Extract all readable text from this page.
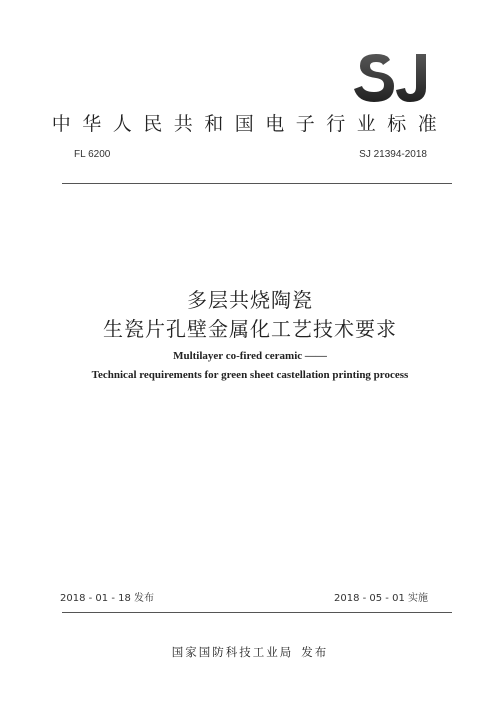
中华人民共和国电子行业标准
FL 6200	SJ 21394-2018
多层共烧陶瓷
生瓷片孔壁金属化工艺技术要求
Multilayer co-fired ceramic ——
Technical requirements for green sheet castellation printing process
2018 - 01 - 18 发布	2018 - 05 - 01 实施
国家国防科技工业局 发布
